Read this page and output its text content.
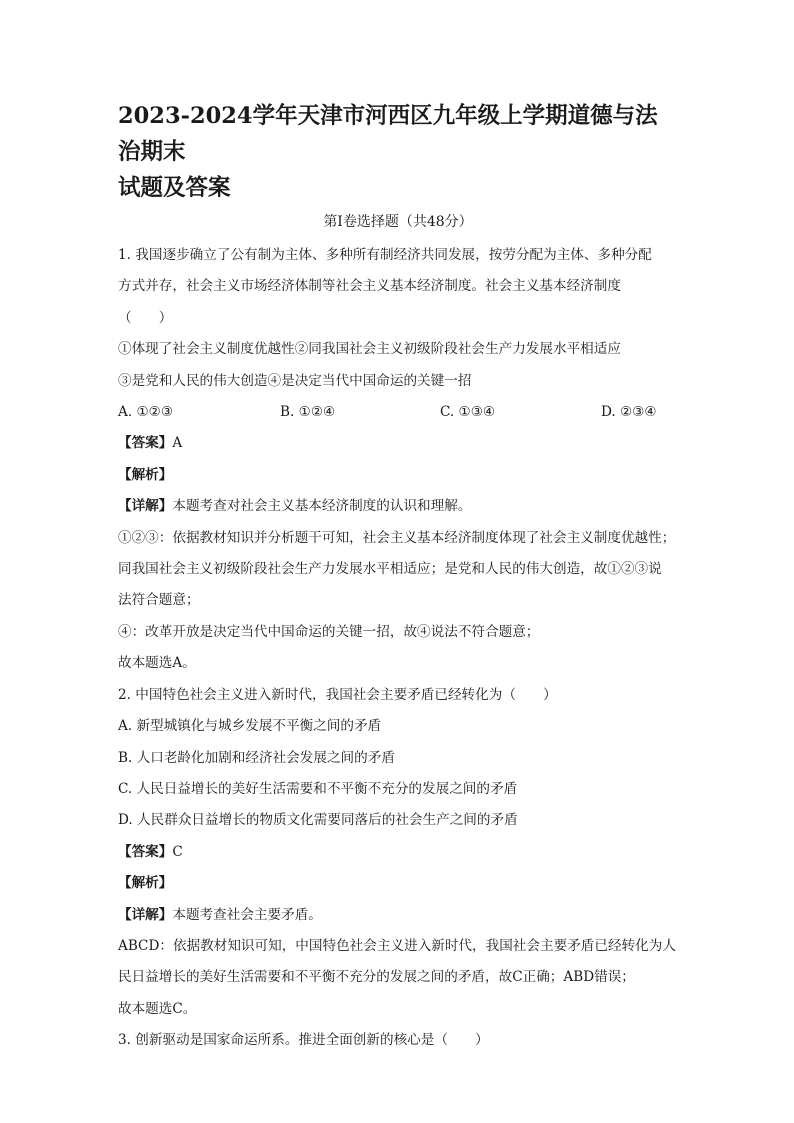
2023-2024学年天津市河西区九年级上学期道德与法治期末
试题及答案
第Ⅰ卷选择题（共48分）
1. 我国逐步确立了公有制为主体、多种所有制经济共同发展，按劳分配为主体、多种分配
方式并存，社会主义市场经济体制等社会主义基本经济制度。社会主义基本经济制度
（　　）
①体现了社会主义制度优越性②同我国社会主义初级阶段社会生产力发展水平相适应
③是党和人民的伟大创造④是决定当代中国命运的关键一招
A. ①②③	B. ①②④	C. ①③④	D. ②③④
【答案】A
【解析】
【详解】本题考查对社会主义基本经济制度的认识和理解。
①②③：依据教材知识并分析题干可知，社会主义基本经济制度体现了社会主义制度优越性；
同我国社会主义初级阶段社会生产力发展水平相适应；是党和人民的伟大创造，故①②③说
法符合题意；
④：改革开放是决定当代中国命运的关键一招，故④说法不符合题意；
故本题选A。
2. 中国特色社会主义进入新时代，我国社会主要矛盾已经转化为（　　）
A. 新型城镇化与城乡发展不平衡之间的矛盾
B. 人口老龄化加剧和经济社会发展之间的矛盾
C. 人民日益增长的美好生活需要和不平衡不充分的发展之间的矛盾
D. 人民群众日益增长的物质文化需要同落后的社会生产之间的矛盾
【答案】C
【解析】
【详解】本题考查社会主要矛盾。
ABCD：依据教材知识可知，中国特色社会主义进入新时代，我国社会主要矛盾已经转化为人
民日益增长的美好生活需要和不平衡不充分的发展之间的矛盾，故C正确；ABD错误；
故本题选C。
3. 创新驱动是国家命运所系。推进全面创新的核心是（　　）
